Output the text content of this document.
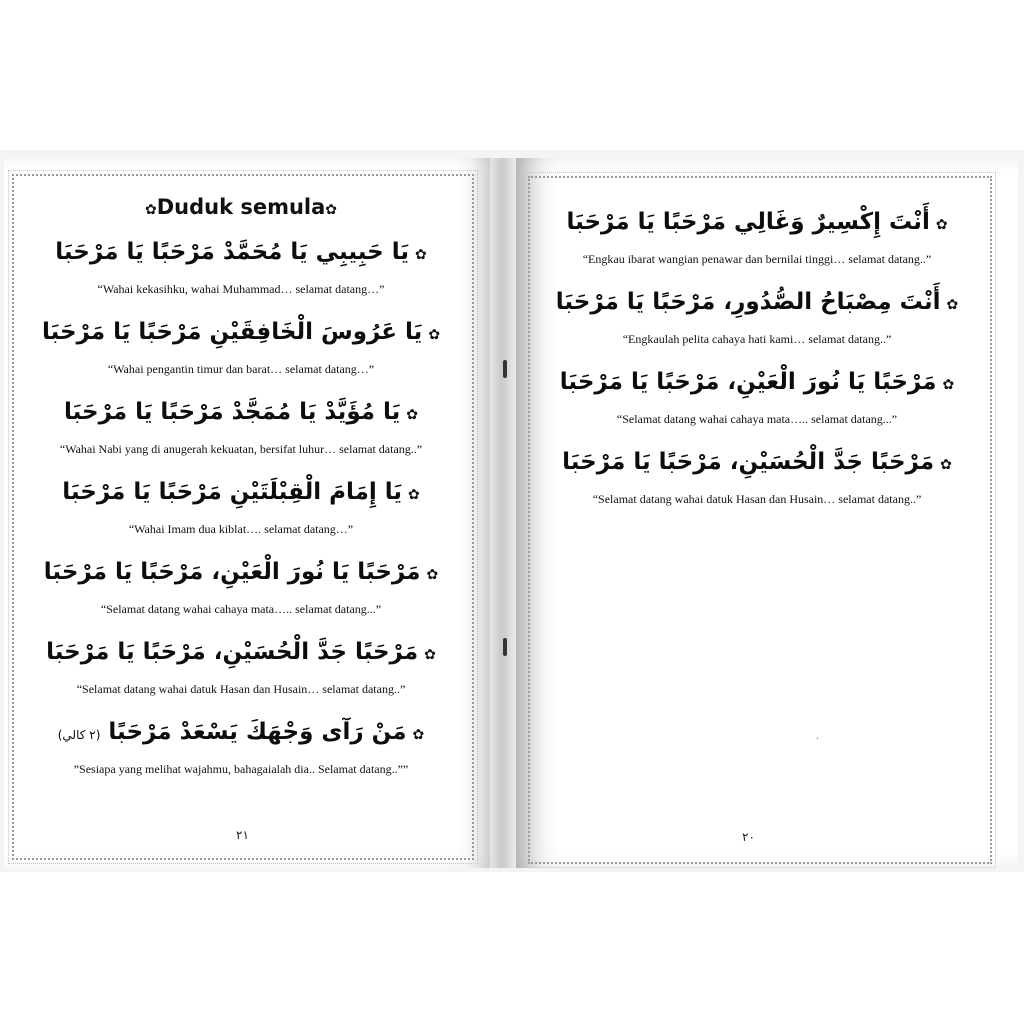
✿Duduk semula✿
✿يَا حَبِيبِي يَا مُحَمَّدْ مَرْحَبًا يَا مَرْحَبَا
“Wahai kekasihku, wahai Muhammad… selamat datang…”
✿يَا عَرُوسَ الْخَافِقَيْنِ مَرْحَبًا يَا مَرْحَبَا
“Wahai pengantin timur dan barat… selamat datang…”
✿يَا مُؤَيَّدْ يَا مُمَجَّدْ مَرْحَبًا يَا مَرْحَبَا
“Wahai Nabi yang di anugerah kekuatan, bersifat luhur… selamat datang..”
✿يَا إِمَامَ الْقِبْلَتَيْنِ مَرْحَبًا يَا مَرْحَبَا
“Wahai Imam dua kiblat…. selamat datang…”
✿مَرْحَبًا يَا نُورَ الْعَيْنِ، مَرْحَبًا يَا مَرْحَبَا
“Selamat datang wahai cahaya mata….. selamat datang...”
✿مَرْحَبًا جَدَّ الْحُسَيْنِ، مَرْحَبًا يَا مَرْحَبَا
“Selamat datang wahai datuk Hasan dan Husain… selamat datang..”
✿مَنْ رَآى وَجْهَكَ يَسْعَدْ مَرْحَبًا (٢ كالي)
”Sesiapa yang melihat wajahmu, bahagaialah dia.. Selamat datang..””
٢١
✿أَنْتَ إِكْسِيرٌ وَغَالِي مَرْحَبًا يَا مَرْحَبَا
“Engkau ibarat wangian penawar dan bernilai tinggi… selamat datang..”
✿أَنْتَ مِصْبَاحُ الصُّدُورِ، مَرْحَبًا يَا مَرْحَبَا
“Engkaulah pelita cahaya hati kami… selamat datang..”
✿مَرْحَبًا يَا نُورَ الْعَيْنِ، مَرْحَبًا يَا مَرْحَبَا
“Selamat datang wahai cahaya mata….. selamat datang...”
✿مَرْحَبًا جَدَّ الْحُسَيْنِ، مَرْحَبًا يَا مَرْحَبَا
“Selamat datang wahai datuk Hasan dan Husain… selamat datang..”
·
٢٠
